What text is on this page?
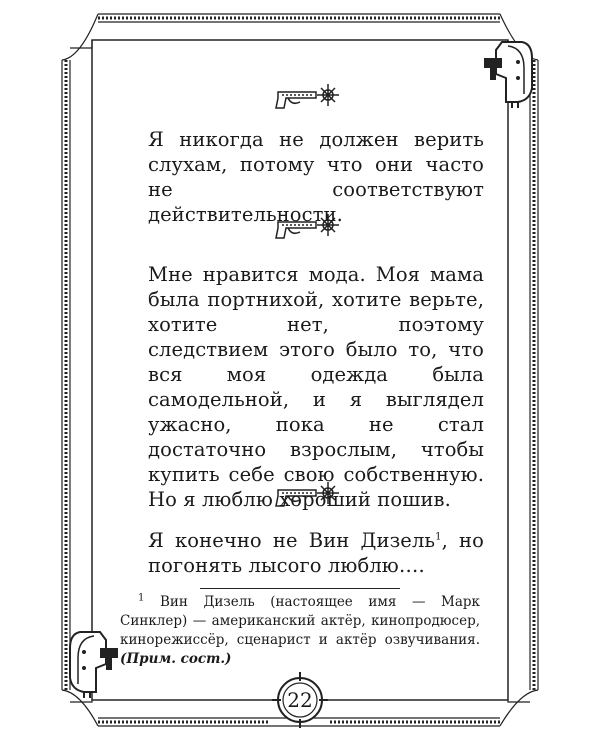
Я никогда не должен верить слухам, потому что они часто не соответствуют действительности.

Мне нравится мода. Моя мама была портнихой, хотите верьте, хотите нет, поэтому следствием этого было то, что вся моя одежда была самодельной, и я выглядел ужасно, пока не стал достаточно взрослым, чтобы купить себе свою собственную. Но я люблю хороший пошив.

Я конечно не Вин Дизель$^1$, но погонять лысого люблю….

$^1$ Вин Дизель (настоящее имя — Марк Синклер) — американский актёр, кинопродюсер, кинорежиссёр, сценарист и актёр озвучивания. (Прим. сост.)
22
